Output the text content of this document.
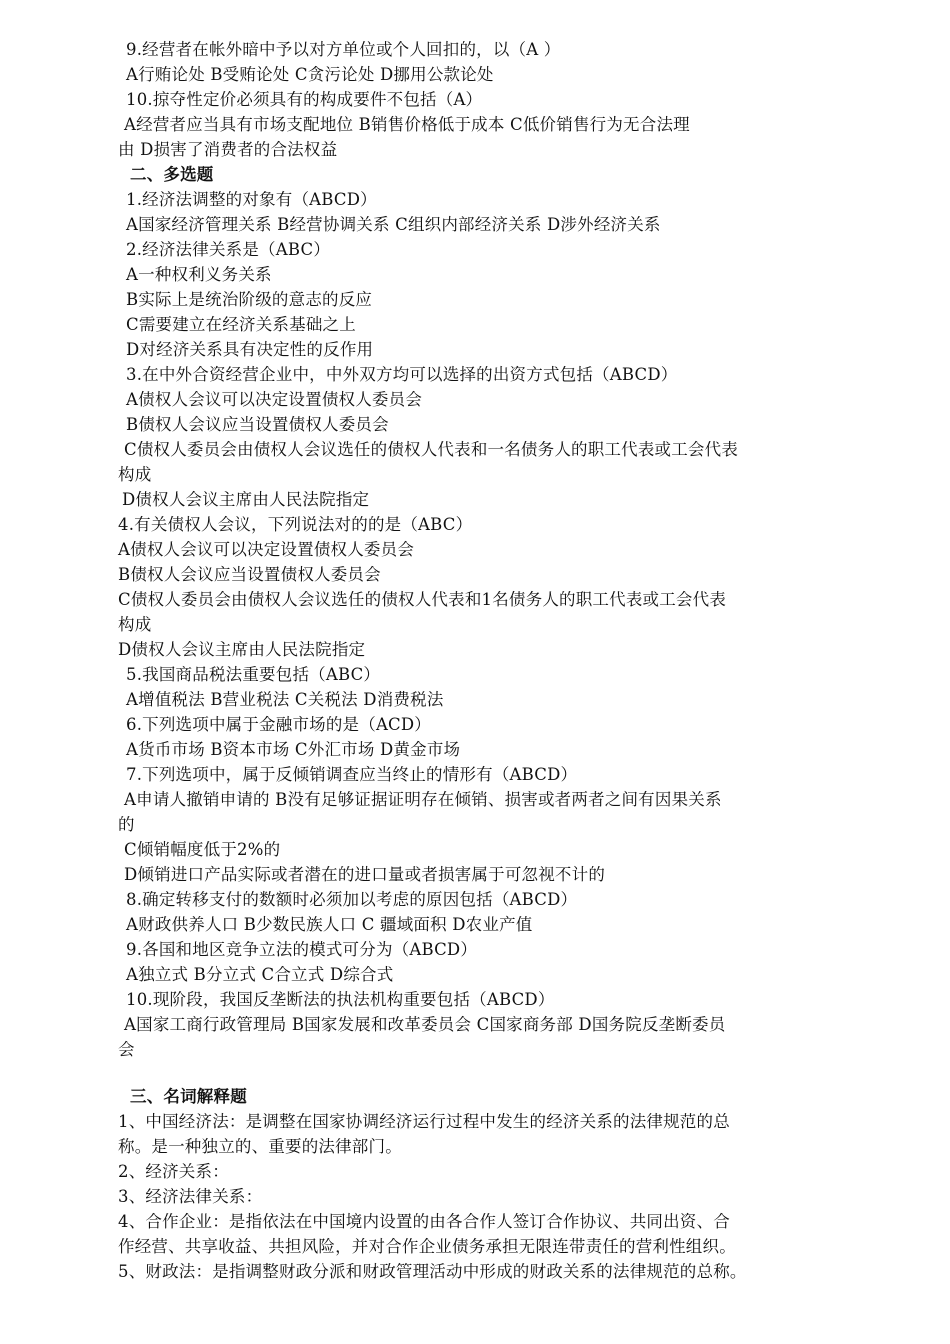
9.经营者在帐外暗中予以对方单位或个人回扣的，以（A ）
A行贿论处 B受贿论处 C贪污论处 D挪用公款论处
10.掠夺性定价必须具有的构成要件不包括（A）
A经营者应当具有市场支配地位 B销售价格低于成本 C低价销售行为无合法理
由 D损害了消费者的合法权益
二、多选题
1.经济法调整的对象有（ABCD）
A国家经济管理关系 B经营协调关系 C组织内部经济关系 D涉外经济关系
2.经济法律关系是（ABC）
A一种权利义务关系
B实际上是统治阶级的意志的反应
C需要建立在经济关系基础之上
D对经济关系具有决定性的反作用
3.在中外合资经营企业中，中外双方均可以选择的出资方式包括（ABCD）
A债权人会议可以决定设置债权人委员会
B债权人会议应当设置债权人委员会
C债权人委员会由债权人会议选任的债权人代表和一名债务人的职工代表或工会代表
构成
D债权人会议主席由人民法院指定
4.有关债权人会议，下列说法对的的是（ABC）
A债权人会议可以决定设置债权人委员会
B债权人会议应当设置债权人委员会
C债权人委员会由债权人会议选任的债权人代表和1名债务人的职工代表或工会代表
构成
D债权人会议主席由人民法院指定
5.我国商品税法重要包括（ABC）
A增值税法 B营业税法 C关税法 D消费税法
6.下列选项中属于金融市场的是（ACD）
A货币市场 B资本市场 C外汇市场 D黄金市场
7.下列选项中，属于反倾销调查应当终止的情形有（ABCD）
A申请人撤销申请的 B没有足够证据证明存在倾销、损害或者两者之间有因果关系
的
C倾销幅度低于2%的
D倾销进口产品实际或者潜在的进口量或者损害属于可忽视不计的
8.确定转移支付的数额时必须加以考虑的原因包括（ABCD）
A财政供养人口 B少数民族人口 C 疆域面积 D农业产值
9.各国和地区竞争立法的模式可分为（ABCD）
A独立式 B分立式 C合立式 D综合式
10.现阶段，我国反垄断法的执法机构重要包括（ABCD）
A国家工商行政管理局 B国家发展和改革委员会 C国家商务部 D国务院反垄断委员
会
三、名词解释题
1、中国经济法：是调整在国家协调经济运行过程中发生的经济关系的法律规范的总
称。是一种独立的、重要的法律部门。
2、经济关系：
3、经济法律关系：
4、合作企业：是指依法在中国境内设置的由各合作人签订合作协议、共同出资、合
作经营、共享收益、共担风险，并对合作企业债务承担无限连带责任的营利性组织。
5、财政法：是指调整财政分派和财政管理活动中形成的财政关系的法律规范的总称。
